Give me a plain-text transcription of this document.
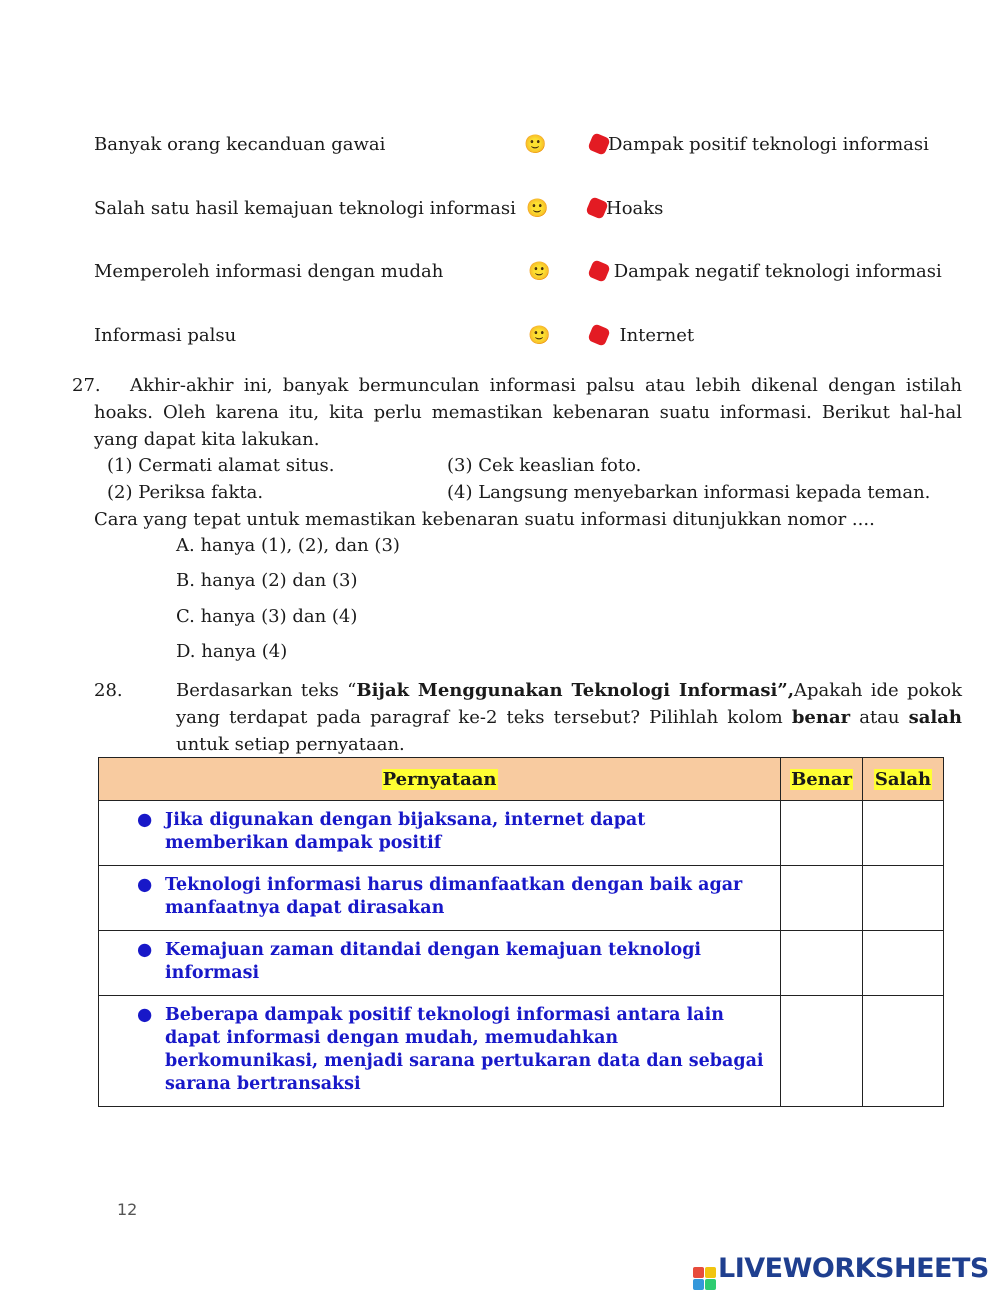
Banyak orang kecanduan gawai	🙂	Dampak positif teknologi informasi
Salah satu hasil kemajuan teknologi informasi 🙂	Hoaks
Memperoleh informasi dengan mudah	🙂	Dampak negatif teknologi informasi
Informasi palsu	🙂	Internet
27.	Akhir-akhir ini, banyak bermunculan informasi palsu atau lebih dikenal dengan istilah hoaks. Oleh karena itu, kita perlu memastikan kebenaran suatu informasi. Berikut hal-hal yang dapat kita lakukan.
(1) Cermati alamat situs.	(3) Cek keaslian foto.
(2) Periksa fakta.	(4) Langsung menyebarkan informasi kepada teman.
Cara yang tepat untuk memastikan kebenaran suatu informasi ditunjukkan nomor ....
A. hanya (1), (2), dan (3)
B. hanya (2) dan (3)
C. hanya (3) dan (4)
D. hanya (4)
28.	Berdasarkan teks “Bijak Menggunakan Teknologi Informasi”,Apakah ide pokok yang terdapat pada paragraf ke-2 teks tersebut? Pilihlah kolom benar atau salah untuk setiap pernyataan.
Pernyataan	Benar	Salah

● Jika digunakan dengan bijaksana, internet dapat memberikan dampak positif		

● Teknologi informasi harus dimanfaatkan dengan baik agar manfaatnya dapat dirasakan		

● Kemajuan zaman ditandai dengan kemajuan teknologi informasi		

● Beberapa dampak positif teknologi informasi antara lain dapat informasi dengan mudah, memudahkan berkomunikasi, menjadi sarana pertukaran data dan sebagai sarana bertransaksi		

12
LIVEWORKSHEETS
